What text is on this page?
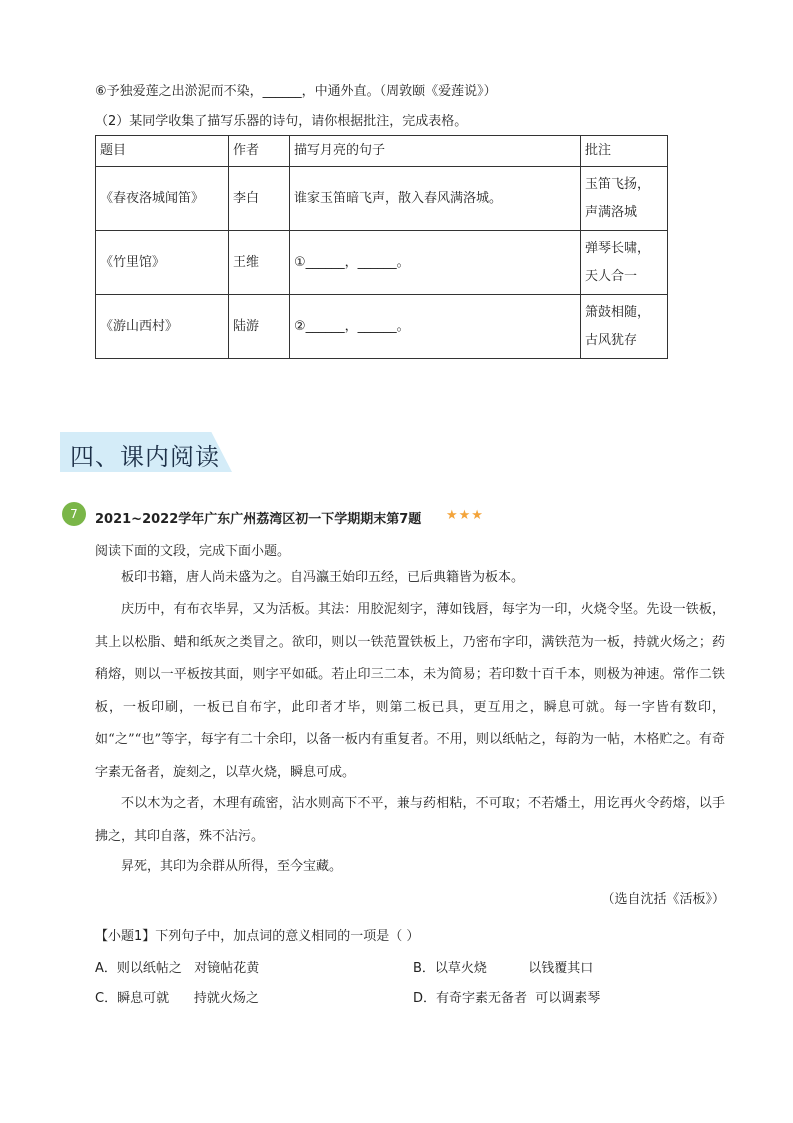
⑥予独爱莲之出淤泥而不染，______，中通外直。（周敦颐《爱莲说》）
（2）某同学收集了描写乐器的诗句，请你根据批注，完成表格。
题目	作者	描写月亮的句子	批注
《春夜洛城闻笛》	李白	谁家玉笛暗飞声，散入春风满洛城。	玉笛飞扬，
声满洛城

《竹里馆》	王维	①______，______。	弹琴长啸，
天人合一

《游山西村》	陆游	②______，______。	箫鼓相随，
古风犹存
四、课内阅读
7	2021~2022学年广东广州荔湾区初一下学期期末第7题 ★★★
阅读下面的文段，完成下面小题。

板印书籍，唐人尚未盛为之。自冯瀛王始印五经，已后典籍皆为板本。

庆历中，有布衣毕昇，又为活板。其法：用胶泥刻字，薄如钱唇，每字为一印，火烧令坚。先设一铁板，其上以松脂、蜡和纸灰之类冒之。欲印，则以一铁范置铁板上，乃密布字印，满铁范为一板，持就火炀之；药稍熔，则以一平板按其面，则字平如砥。若止印三二本，未为简易；若印数十百千本，则极为神速。常作二铁板，一板印刷，一板已自布字，此印者才毕，则第二板已具，更互用之，瞬息可就。每一字皆有数印，如“之”“也”等字，每字有二十余印，以备一板内有重复者。不用，则以纸帖之，每韵为一帖，木格贮之。有奇字素无备者，旋刻之，以草火烧，瞬息可成。

不以木为之者，木理有疏密，沾水则高下不平，兼与药相粘，不可取；不若燔土，用讫再火令药熔，以手拂之，其印自落，殊不沾污。

昇死，其印为余群从所得，至今宝藏。

（选自沈括《活板》）
【小题1】下列句子中，加点词的意义相同的一项是（ ）
A．则以纸帖之   对镜帖花黄	B．以草火烧          以钱覆其口
C．瞬息可就      持就火炀之	D．有奇字素无备者  可以调素琴
